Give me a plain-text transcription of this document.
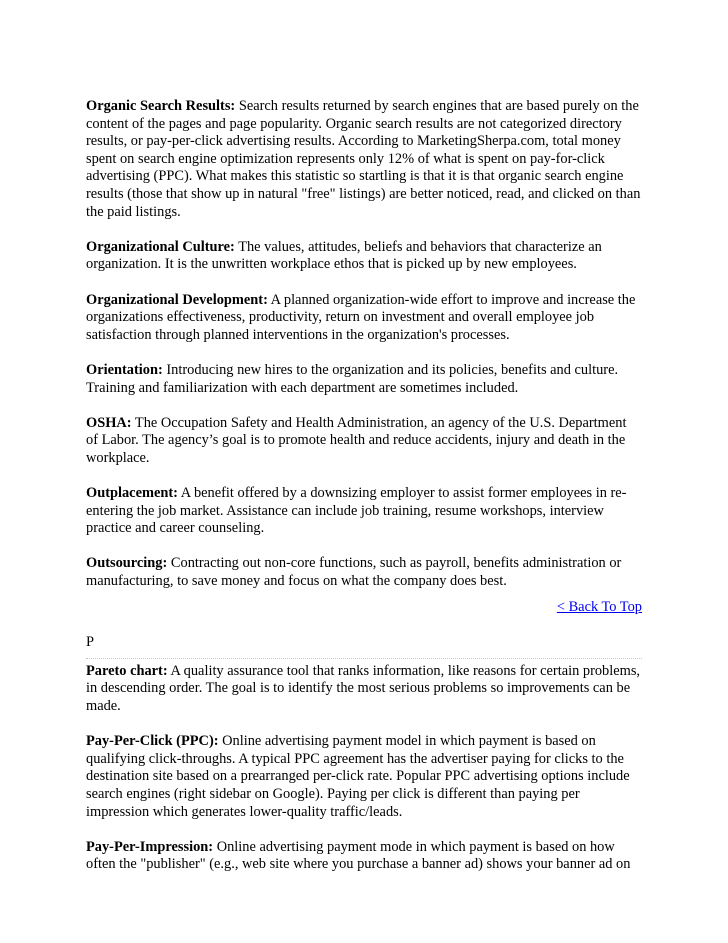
Organic Search Results: Search results returned by search engines that are based purely on the content of the pages and page popularity. Organic search results are not categorized directory results, or pay-per-click advertising results. According to MarketingSherpa.com, total money spent on search engine optimization represents only 12% of what is spent on pay-for-click advertising (PPC). What makes this statistic so startling is that it is that organic search engine results (those that show up in natural "free" listings) are better noticed, read, and clicked on than the paid listings.
Organizational Culture: The values, attitudes, beliefs and behaviors that characterize an organization. It is the unwritten workplace ethos that is picked up by new employees.
Organizational Development: A planned organization-wide effort to improve and increase the organizations effectiveness, productivity, return on investment and overall employee job satisfaction through planned interventions in the organization's processes.
Orientation: Introducing new hires to the organization and its policies, benefits and culture. Training and familiarization with each department are sometimes included.
OSHA: The Occupation Safety and Health Administration, an agency of the U.S. Department of Labor. The agency’s goal is to promote health and reduce accidents, injury and death in the workplace.
Outplacement: A benefit offered by a downsizing employer to assist former employees in re-entering the job market. Assistance can include job training, resume workshops, interview practice and career counseling.
Outsourcing: Contracting out non-core functions, such as payroll, benefits administration or manufacturing, to save money and focus on what the company does best.
< Back To Top
P
Pareto chart: A quality assurance tool that ranks information, like reasons for certain problems, in descending order. The goal is to identify the most serious problems so improvements can be made.
Pay-Per-Click (PPC): Online advertising payment model in which payment is based on qualifying click-throughs. A typical PPC agreement has the advertiser paying for clicks to the destination site based on a prearranged per-click rate. Popular PPC advertising options include search engines (right sidebar on Google). Paying per click is different than paying per impression which generates lower-quality traffic/leads.
Pay-Per-Impression: Online advertising payment mode in which payment is based on how often the "publisher" (e.g., web site where you purchase a banner ad) shows your banner ad on
